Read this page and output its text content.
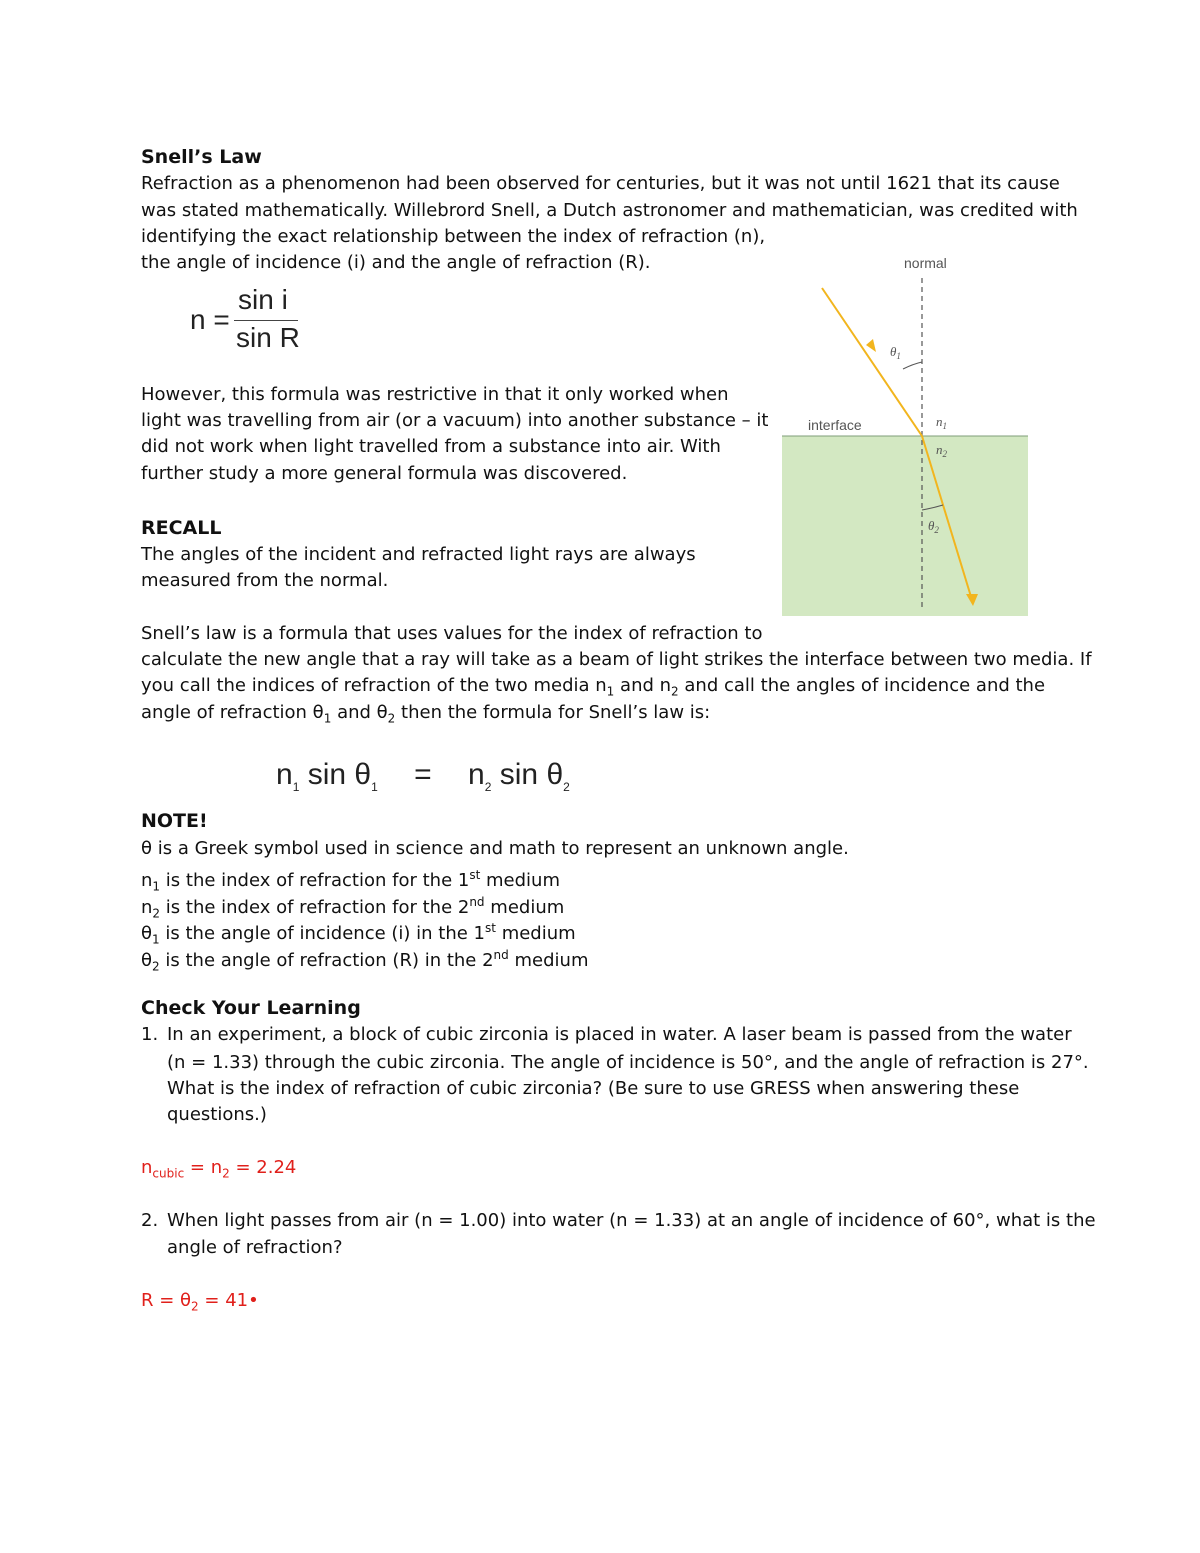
Snell’s Law
Refraction as a phenomenon had been observed for centuries, but it was not until 1621 that its cause
was stated mathematically. Willebrord Snell, a Dutch astronomer and mathematician, was credited with
identifying the exact relationship between the index of refraction (n),
the angle of incidence (i) and the angle of refraction (R).
n =
sin i
sin R
However, this formula was restrictive in that it only worked when
light was travelling from air (or a vacuum) into another substance – it
did not work when light travelled from a substance into air. With
further study a more general formula was discovered.
RECALL
The angles of the incident and refracted light rays are always
measured from the normal.
Snell’s law is a formula that uses values for the index of refraction to
calculate the new angle that a ray will take as a beam of light strikes the interface between two media. If
you call the indices of refraction of the two media $n_1$ and $n_2$ and call the angles of incidence and the
angle of refraction $\theta_1$ and $\theta_2$ then the formula for Snell’s law is:
$n_1$ $\sin \theta_1 = n_2$ $\sin \theta_2$
NOTE!
θ is a Greek symbol used in science and math to represent an unknown angle.
$n_1$ is the index of refraction for the 1st medium
$n_2$ is the index of refraction for the 2nd medium
$\theta_1$ is the angle of incidence (i) in the 1st medium
$\theta_2$ is the angle of refraction (R) in the 2nd medium
Check Your Learning
1. In an experiment, a block of cubic zirconia is placed in water. A laser beam is passed from the water
(n = 1.33) through the cubic zirconia. The angle of incidence is 50°, and the angle of refraction is 27°.
What is the index of refraction of cubic zirconia? (Be sure to use GRESS when answering these
questions.)
$n_{cubic} = n_2 = 2.24$
2. When light passes from air (n = 1.00) into water (n = 1.33) at an angle of incidence of 60°, what is the
angle of refraction?
$R = \theta_2$ = 41•
normal
interface
$\theta_1$
$n_1$
$n_2$
$\theta_2$
